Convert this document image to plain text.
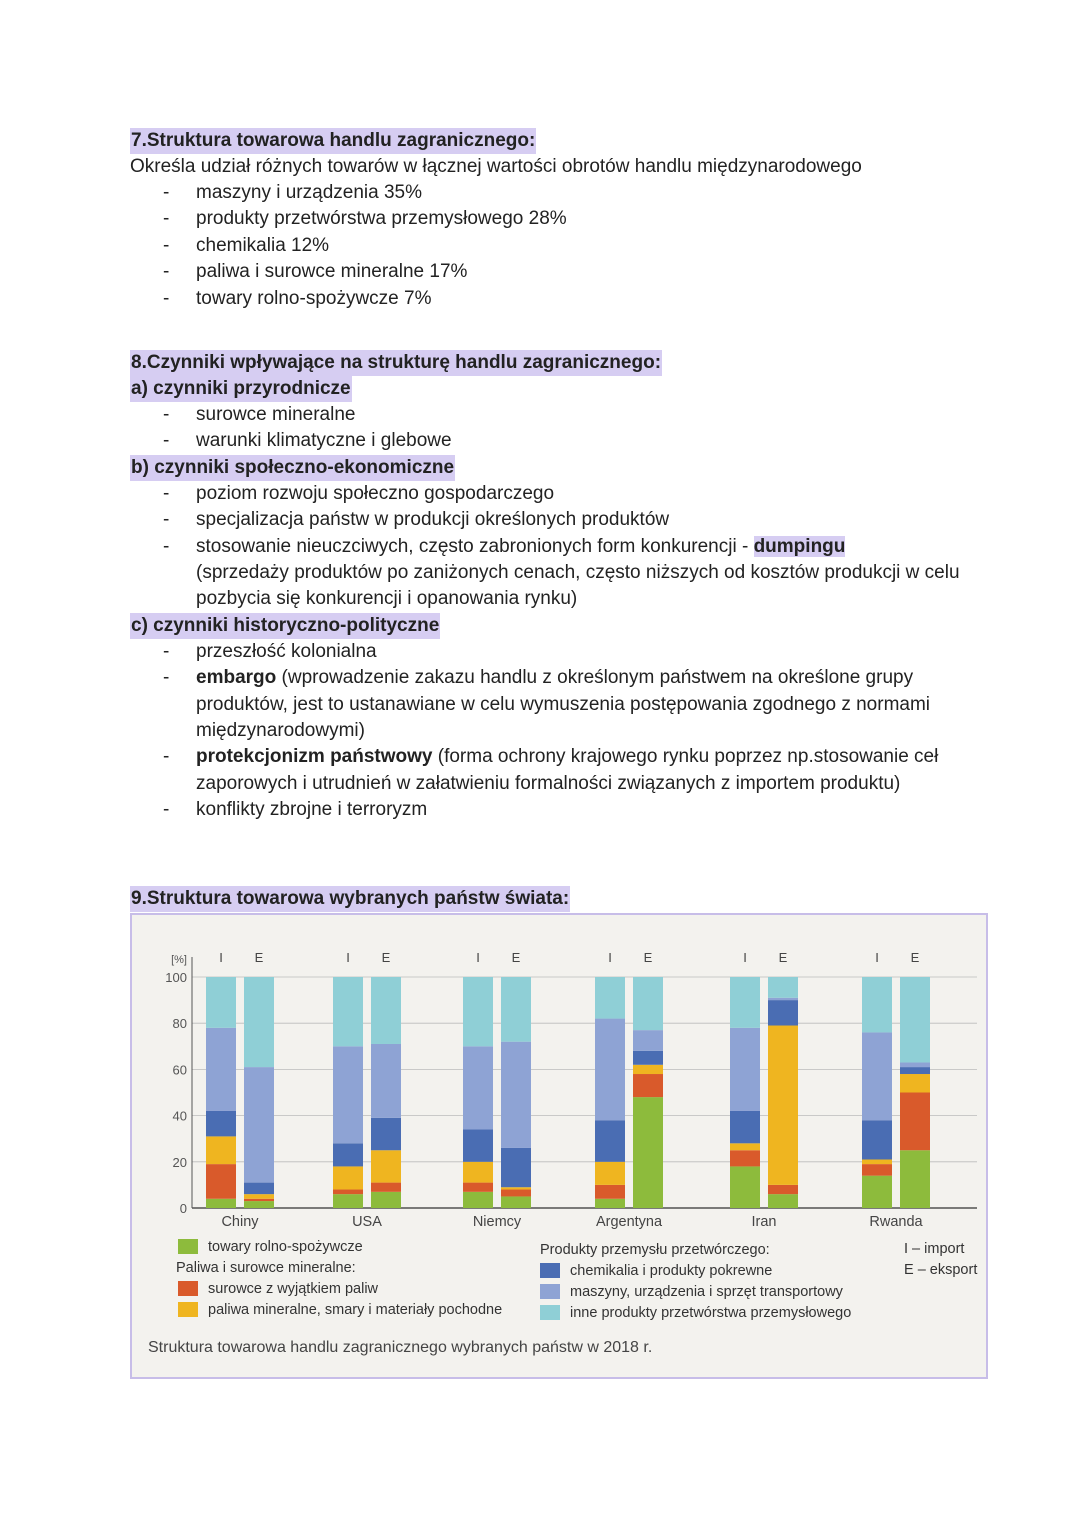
7.Struktura towarowa handlu zagranicznego:
Określa udział różnych towarów w łącznej wartości obrotów handlu międzynarodowego
- maszyny i urządzenia 35%
- produkty przetwórstwa przemysłowego 28%
- chemikalia 12%
- paliwa i surowce mineralne 17%
- towary rolno-spożywcze 7%
8.Czynniki wpływające na strukturę handlu zagranicznego:
a) czynniki przyrodnicze
- surowce mineralne
- warunki klimatyczne i glebowe
b) czynniki społeczno-ekonomiczne
- poziom rozwoju społeczno gospodarczego
- specjalizacja państw w produkcji określonych produktów
- stosowanie nieuczciwych, często zabronionych form konkurencji - dumpingu
(sprzedaży produktów po zaniżonych cenach, często niższych od kosztów produkcji w celu pozbycia się konkurencji i opanowania rynku)
c) czynniki historyczno-polityczne
- przeszłość kolonialna
- embargo (wprowadzenie zakazu handlu z określonym państwem na określone grupy produktów, jest to ustanawiane w celu wymuszenia postępowania zgodnego z normami międzynarodowymi)
- protekcjonizm państwowy (forma ochrony krajowego rynku poprzez np.stosowanie ceł zaporowych i utrudnień w załatwieniu formalności związanych z importem produktu)
- konflikty zbrojne i terroryzm
9.Struktura towarowa wybranych państw świata:
0
20
40
60
80
100
[%] I E	I E	I E	I E	I E	I E
Chiny	USA	Niemcy	Argentyna	Iran	Rwanda
towary rolno-spożywcze
Paliwa i surowce mineralne:
surowce z wyjątkiem paliw
paliwa mineralne, smary i materiały pochodne
Produkty przemysłu przetwórczego:
chemikalia i produkty pokrewne
maszyny, urządzenia i sprzęt transportowy
inne produkty przetwórstwa przemysłowego
I – import
E – eksport
Struktura towarowa handlu zagranicznego wybranych państw w 2018 r.
